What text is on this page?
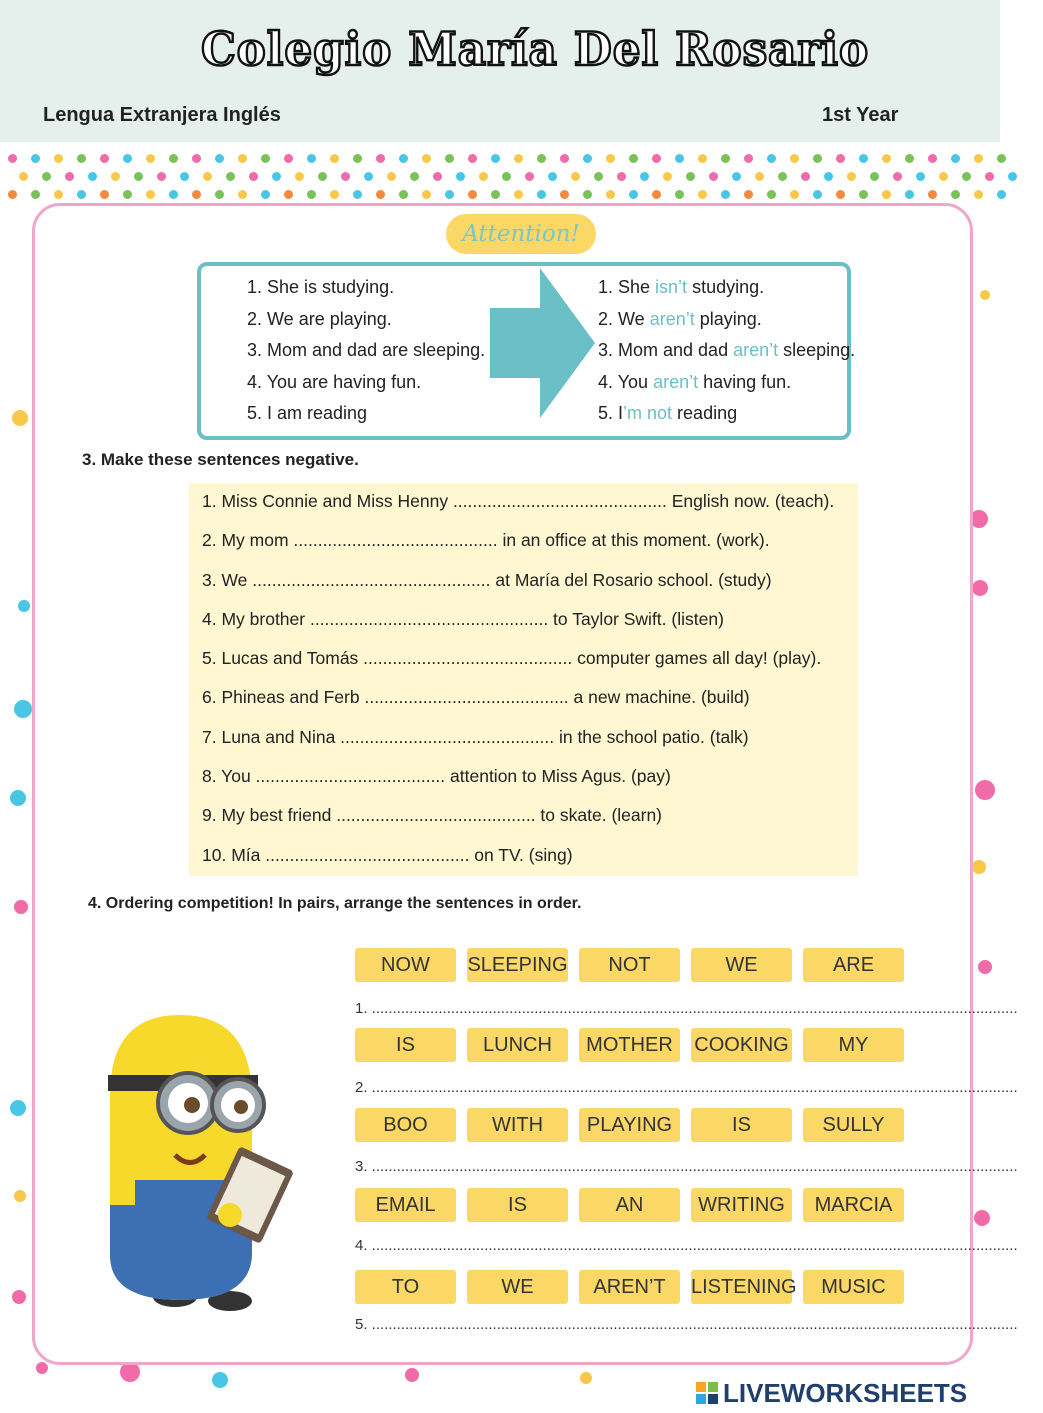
Colegio María Del Rosario
Lengua Extranjera Inglés	1st Year
Attention!
1. She is studying.
2. We are playing.
3. Mom and dad are sleeping.
4. You are having fun.
5. I am reading
1. She isn’t studying.
2. We aren’t playing.
3. Mom and dad aren’t sleeping.
4. You aren’t having fun.
5. I’m not reading
3. Make these sentences negative.
1. Miss Connie and Miss Henny ............................................ English now. (teach).
2. My mom .......................................... in an office at this moment. (work).
3. We ................................................. at María del Rosario school. (study)
4. My brother ................................................. to Taylor Swift. (listen)
5. Lucas and Tomás ........................................... computer games all day! (play).
6. Phineas and Ferb .......................................... a new machine. (build)
7. Luna and Nina ............................................ in the school patio. (talk)
8. You ....................................... attention to Miss Agus. (pay)
9. My best friend ......................................... to skate. (learn)
10. Mía .......................................... on TV. (sing)
4. Ordering competition! In pairs, arrange the sentences in order.
NOW	SLEEPING	NOT	WE	ARE
1. ...........................................................................................................................................................
IS	LUNCH	MOTHER	COOKING	MY
2. ...........................................................................................................................................................
BOO	WITH	PLAYING	IS	SULLY
3. ...........................................................................................................................................................
EMAIL	IS	AN	WRITING	MARCIA
4. ...........................................................................................................................................................
TO	WE	AREN’T	LISTENING	MUSIC
5. ...........................................................................................................................................................
LIVEWORKSHEETS
